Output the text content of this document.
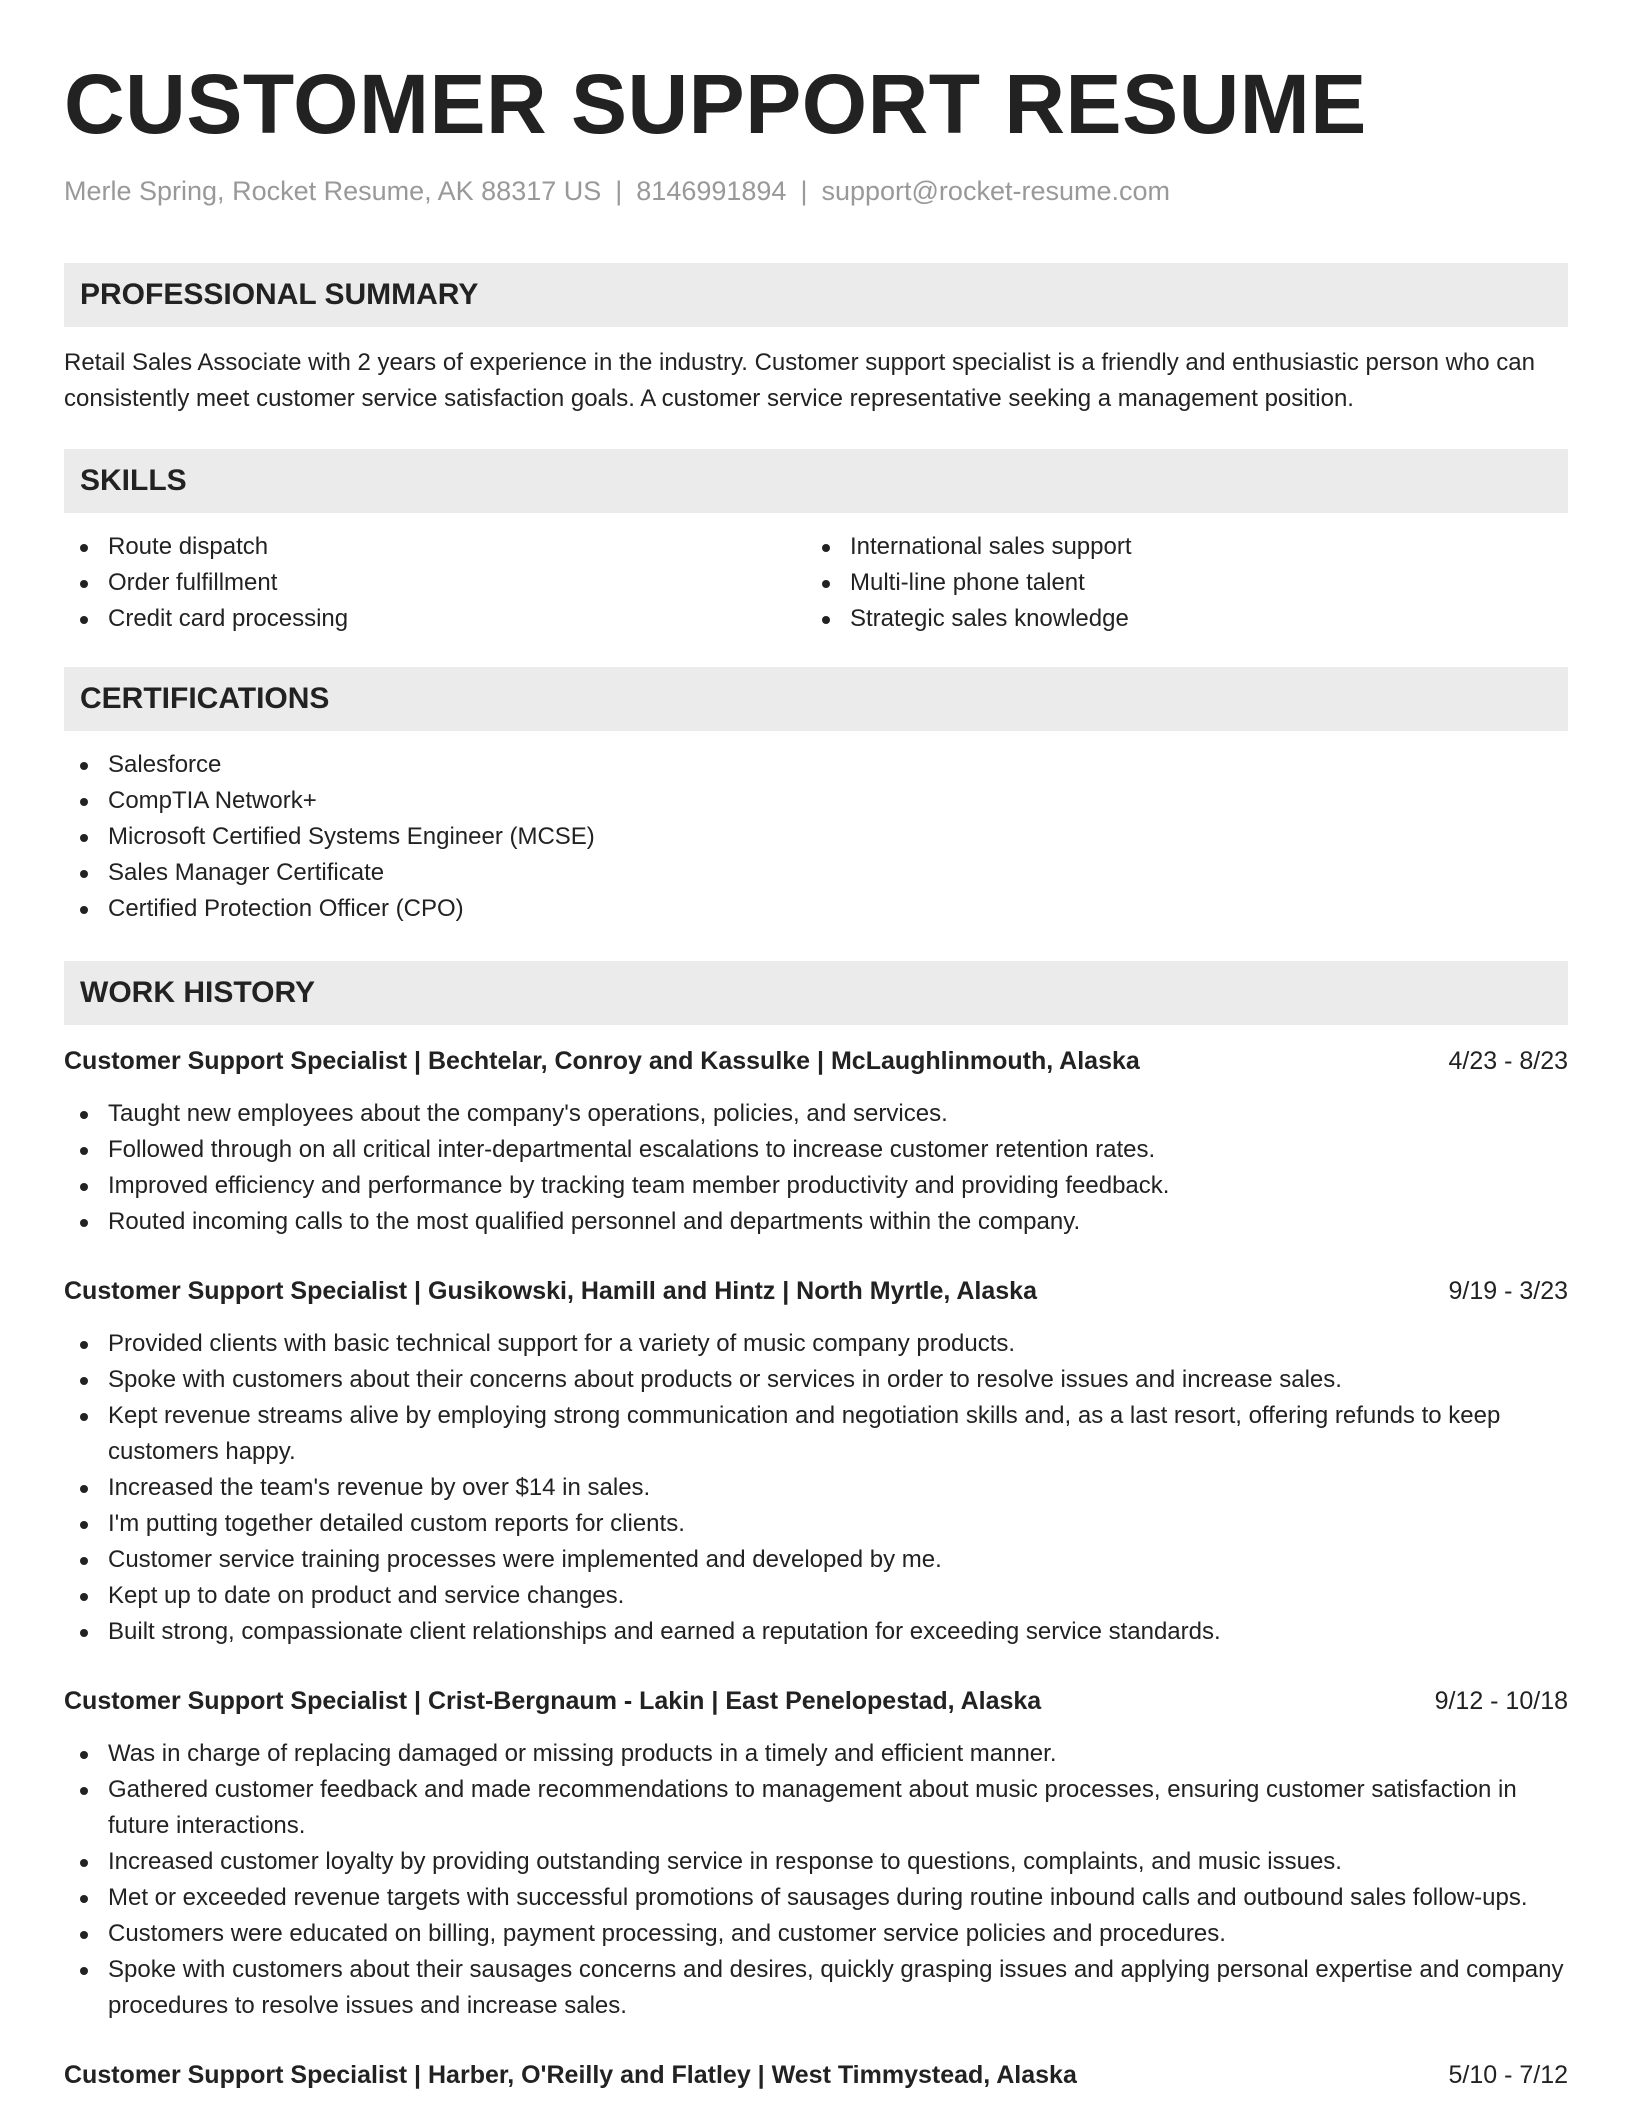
CUSTOMER SUPPORT RESUME
Merle Spring, Rocket Resume, AK 88317 US | 8146991894 | support@rocket-resume.com
PROFESSIONAL SUMMARY

Retail Sales Associate with 2 years of experience in the industry. Customer support specialist is a friendly and enthusiastic person who can consistently meet customer service satisfaction goals. A customer service representative seeking a management position.

SKILLS
Route dispatch
Order fulfillment
Credit card processing
International sales support
Multi-line phone talent
Strategic sales knowledge
CERTIFICATIONS
Salesforce
CompTIA Network+
Microsoft Certified Systems Engineer (MCSE)
Sales Manager Certificate
Certified Protection Officer (CPO)
WORK HISTORY
Customer Support Specialist | Bechtelar, Conroy and Kassulke | McLaughlinmouth, Alaska	4/23 - 8/23
Taught new employees about the company's operations, policies, and services.
Followed through on all critical inter-departmental escalations to increase customer retention rates.
Improved efficiency and performance by tracking team member productivity and providing feedback.
Routed incoming calls to the most qualified personnel and departments within the company.
Customer Support Specialist | Gusikowski, Hamill and Hintz | North Myrtle, Alaska	9/19 - 3/23
Provided clients with basic technical support for a variety of music company products.
Spoke with customers about their concerns about products or services in order to resolve issues and increase sales.
Kept revenue streams alive by employing strong communication and negotiation skills and, as a last resort, offering refunds to keep customers happy.
Increased the team's revenue by over $14 in sales.
I'm putting together detailed custom reports for clients.
Customer service training processes were implemented and developed by me.
Kept up to date on product and service changes.
Built strong, compassionate client relationships and earned a reputation for exceeding service standards.
Customer Support Specialist | Crist-Bergnaum - Lakin | East Penelopestad, Alaska	9/12 - 10/18
Was in charge of replacing damaged or missing products in a timely and efficient manner.
Gathered customer feedback and made recommendations to management about music processes, ensuring customer satisfaction in future interactions.
Increased customer loyalty by providing outstanding service in response to questions, complaints, and music issues.
Met or exceeded revenue targets with successful promotions of sausages during routine inbound calls and outbound sales follow-ups.
Customers were educated on billing, payment processing, and customer service policies and procedures.
Spoke with customers about their sausages concerns and desires, quickly grasping issues and applying personal expertise and company procedures to resolve issues and increase sales.
Customer Support Specialist | Harber, O'Reilly and Flatley | West Timmystead, Alaska	5/10 - 7/12
